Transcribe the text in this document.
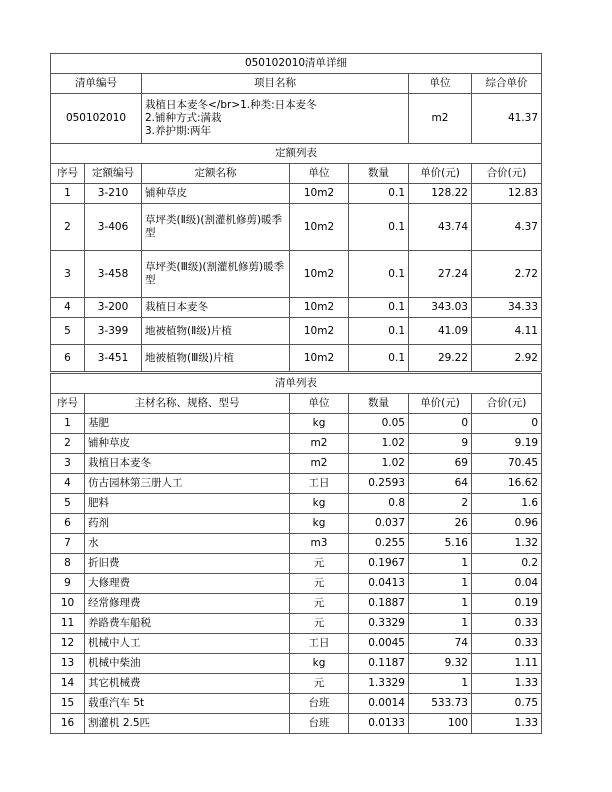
050102010清单详细			
清单编号	项目名称	单位	综合单价
050102010	栽植日本麦冬</br>1.种类:日本麦冬
2.铺种方式:满栽
3.养护期:两年	m2	41.37
定额列表						
序号	定额编号	定额名称	单位	数量	单价(元)	合价(元)
1	3-210	铺种草皮	10m2	0.1	128.22	12.83
2	3-406	草坪类(Ⅱ级)(割灌机修剪)暖季型	10m2	0.1	43.74	4.37
3	3-458	草坪类(Ⅲ级)(割灌机修剪)暖季型	10m2	0.1	27.24	2.72
4	3-200	栽植日本麦冬	10m2	0.1	343.03	34.33
5	3-399	地被植物(Ⅱ级)片植	10m2	0.1	41.09	4.11
6	3-451	地被植物(Ⅲ级)片植	10m2	0.1	29.22	2.92
清单列表					
序号	主材名称、规格、型号	单位	数量	单价(元)	合价(元)
1	基肥	kg	0.05	0	0
2	铺种草皮	m2	1.02	9	9.19
3	栽植日本麦冬	m2	1.02	69	70.45
4	仿古园林第三册人工	工日	0.2593	64	16.62
5	肥料	kg	0.8	2	1.6
6	药剂	kg	0.037	26	0.96
7	水	m3	0.255	5.16	1.32
8	折旧费	元	0.1967	1	0.2
9	大修理费	元	0.0413	1	0.04
10	经常修理费	元	0.1887	1	0.19
11	养路费车船税	元	0.3329	1	0.33
12	机械中人工	工日	0.0045	74	0.33
13	机械中柴油	kg	0.1187	9.32	1.11
14	其它机械费	元	1.3329	1	1.33
15	载重汽车 5t	台班	0.0014	533.73	0.75
16	割灌机 2.5匹	台班	0.0133	100	1.33
